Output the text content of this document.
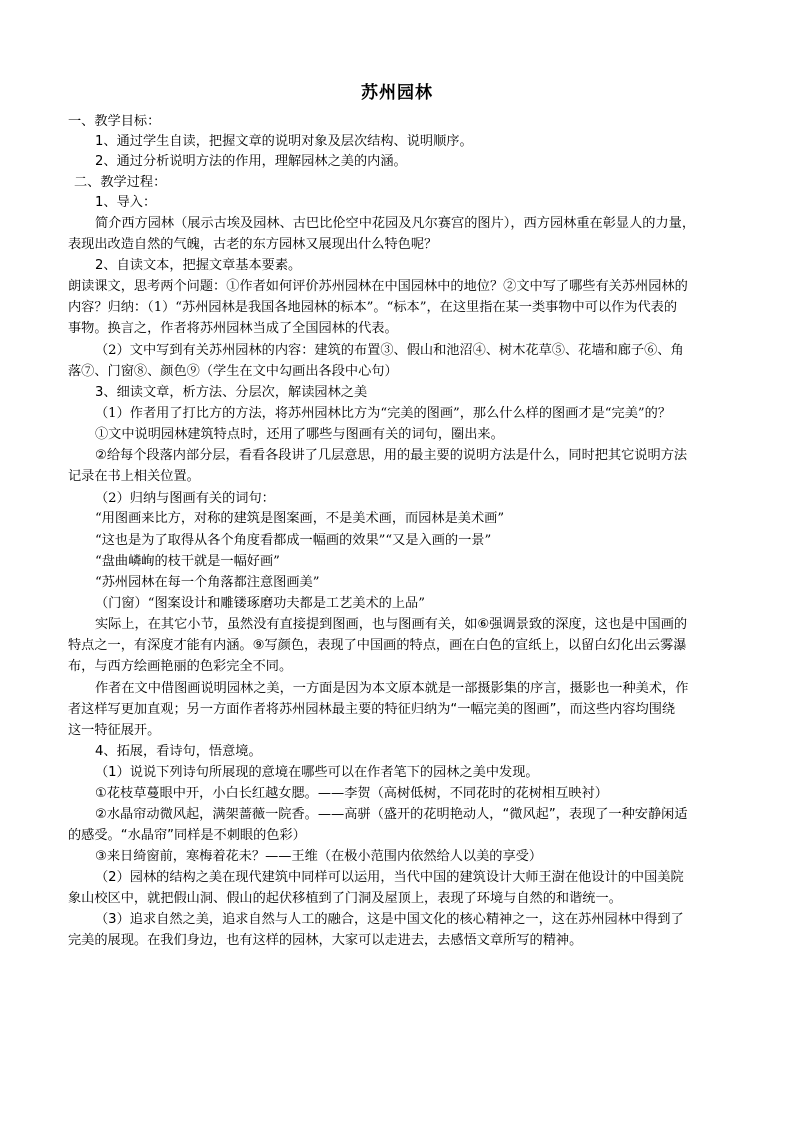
苏州园林
一、教学目标：
1、通过学生自读，把握文章的说明对象及层次结构、说明顺序。
2、通过分析说明方法的作用，理解园林之美的内涵。
二、教学过程：
1、导入：
简介西方园林（展示古埃及园林、古巴比伦空中花园及凡尔赛宫的图片），西方园林重在彰显人的力量，
表现出改造自然的气魄，古老的东方园林又展现出什么特色呢？
2、自读文本，把握文章基本要素。
朗读课文，思考两个问题：①作者如何评价苏州园林在中国园林中的地位？②文中写了哪些有关苏州园林的
内容？归纳：（1）“苏州园林是我国各地园林的标本”。“标本”，在这里指在某一类事物中可以作为代表的
事物。换言之，作者将苏州园林当成了全国园林的代表。
（2）文中写到有关苏州园林的内容：建筑的布置③、假山和池沼④、树木花草⑤、花墙和廊子⑥、角
落⑦、门窗⑧、颜色⑨（学生在文中勾画出各段中心句）
3、细读文章，析方法、分层次，解读园林之美
（1）作者用了打比方的方法，将苏州园林比方为“完美的图画”，那么什么样的图画才是“完美”的？
①文中说明园林建筑特点时，还用了哪些与图画有关的词句，圈出来。
②给每个段落内部分层，看看各段讲了几层意思，用的最主要的说明方法是什么，同时把其它说明方法
记录在书上相关位置。
（2）归纳与图画有关的词句：
“用图画来比方，对称的建筑是图案画，不是美术画，而园林是美术画”
“这也是为了取得从各个角度看都成一幅画的效果”“又是入画的一景”
“盘曲嶙峋的枝干就是一幅好画”
“苏州园林在每一个角落都注意图画美”
（门窗）“图案设计和雕镂琢磨功夫都是工艺美术的上品”
实际上，在其它小节，虽然没有直接提到图画，也与图画有关，如⑥强调景致的深度，这也是中国画的
特点之一，有深度才能有内涵。⑨写颜色，表现了中国画的特点，画在白色的宣纸上，以留白幻化出云雾瀑
布，与西方绘画艳丽的色彩完全不同。
作者在文中借图画说明园林之美，一方面是因为本文原本就是一部摄影集的序言，摄影也一种美术，作
者这样写更加直观；另一方面作者将苏州园林最主要的特征归纳为“一幅完美的图画”，而这些内容均围绕
这一特征展开。
4、拓展，看诗句，悟意境。
（1）说说下列诗句所展现的意境在哪些可以在作者笔下的园林之美中发现。
①花枝草蔓眼中开，小白长红越女腮。——李贺（高树低树，不同花时的花树相互映衬）
②水晶帘动微风起，满架蔷薇一院香。——高骈（盛开的花明艳动人，“微风起”，表现了一种安静闲适
的感受。“水晶帘”同样是不刺眼的色彩）
③来日绮窗前，寒梅着花未？——王维（在极小范围内依然给人以美的享受）
（2）园林的结构之美在现代建筑中同样可以运用，当代中国的建筑设计大师王澍在他设计的中国美院
象山校区中，就把假山洞、假山的起伏移植到了门洞及屋顶上，表现了环境与自然的和谐统一。
（3）追求自然之美，追求自然与人工的融合，这是中国文化的核心精神之一，这在苏州园林中得到了
完美的展现。在我们身边，也有这样的园林，大家可以走进去，去感悟文章所写的精神。
